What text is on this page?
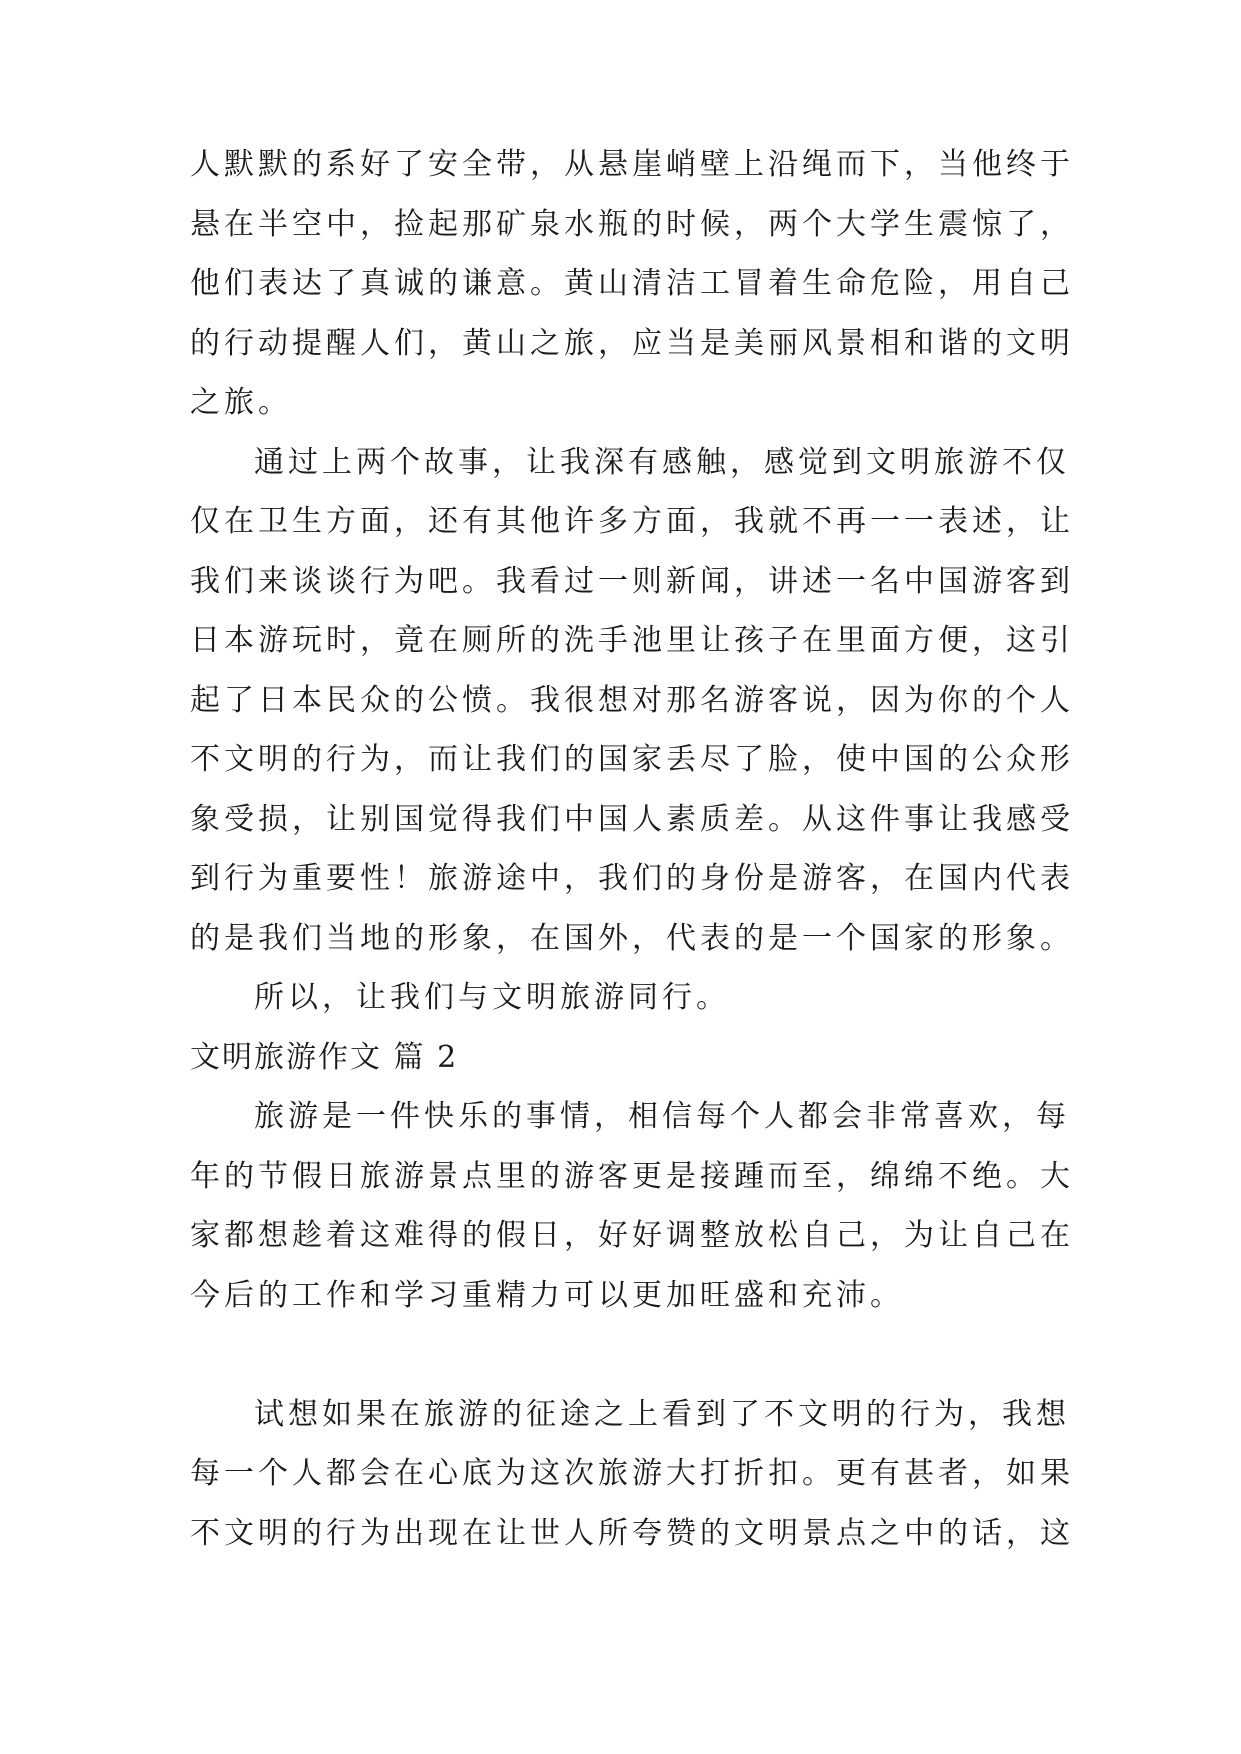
人默默的系好了安全带，从悬崖峭壁上沿绳而下，当他终于
悬在半空中，捡起那矿泉水瓶的时候，两个大学生震惊了，
他们表达了真诚的谦意。黄山清洁工冒着生命危险，用自己
的行动提醒人们，黄山之旅，应当是美丽风景相和谐的文明
之旅。
通过上两个故事，让我深有感触，感觉到文明旅游不仅
仅在卫生方面，还有其他许多方面，我就不再一一表述，让
我们来谈谈行为吧。我看过一则新闻，讲述一名中国游客到
日本游玩时，竟在厕所的洗手池里让孩子在里面方便，这引
起了日本民众的公愤。我很想对那名游客说，因为你的个人
不文明的行为，而让我们的国家丢尽了脸，使中国的公众形
象受损，让别国觉得我们中国人素质差。从这件事让我感受
到行为重要性！旅游途中，我们的身份是游客，在国内代表
的是我们当地的形象，在国外，代表的是一个国家的形象。
所以，让我们与文明旅游同行。
文明旅游作文 篇 2
旅游是一件快乐的事情，相信每个人都会非常喜欢，每
年的节假日旅游景点里的游客更是接踵而至，绵绵不绝。大
家都想趁着这难得的假日，好好调整放松自己，为让自己在
今后的工作和学习重精力可以更加旺盛和充沛。
试想如果在旅游的征途之上看到了不文明的行为，我想
每一个人都会在心底为这次旅游大打折扣。更有甚者，如果
不文明的行为出现在让世人所夸赞的文明景点之中的话，这
